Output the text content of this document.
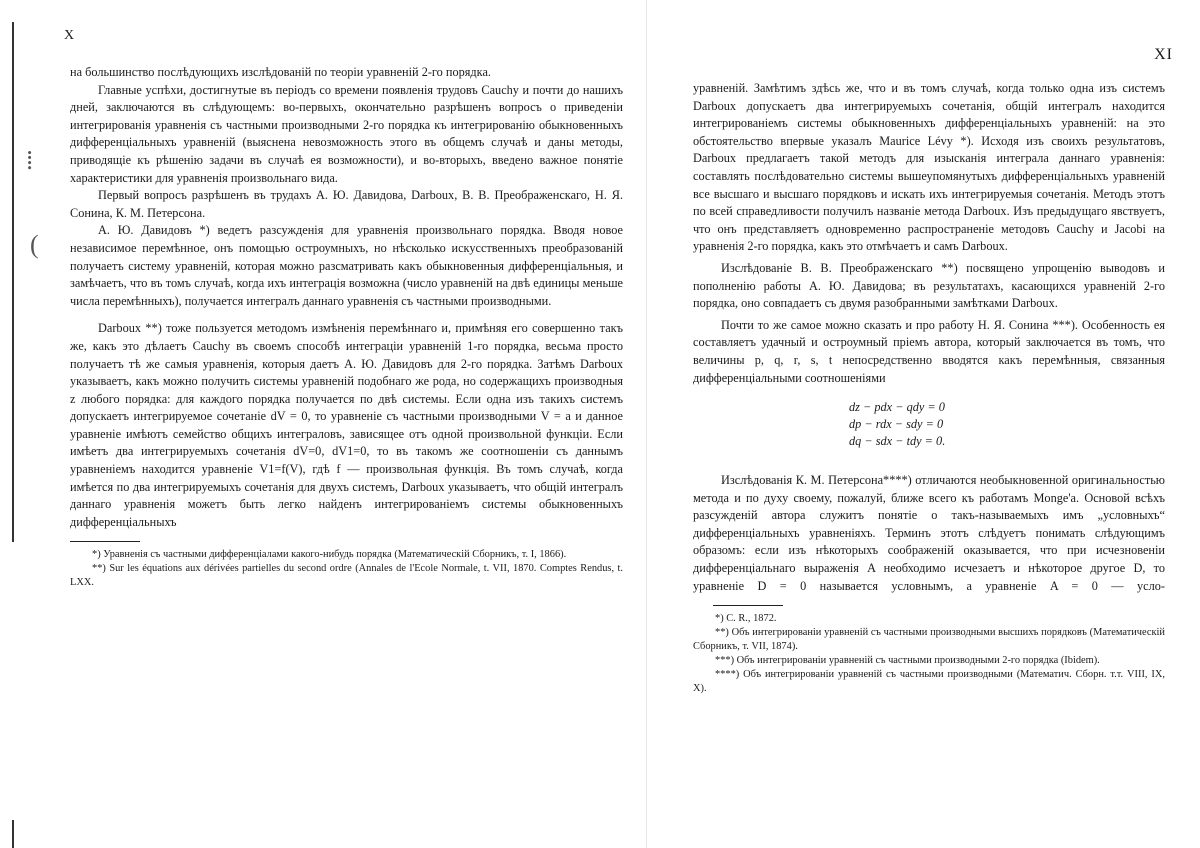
⁞
(
X

на большинство послѣдующихъ изслѣдованій по теоріи уравненій 2-го порядка.

Главные успѣхи, достигнутые въ періодъ со времени появленія трудовъ Cauchy и почти до нашихъ дней, заключаются въ слѣдующемъ: во-первыхъ, окончательно разрѣшенъ вопросъ о приведеніи интегрированія уравненія съ частными производными 2-го порядка къ интегрированію обыкновенныхъ дифференціальныхъ уравненій (выяснена невозможность этого въ общемъ случаѣ и даны методы, приводящіе къ рѣшенію задачи въ случаѣ ея возможности), и во-вторыхъ, введено важное понятіе характеристики для уравненія произвольнаго вида.

Первый вопросъ разрѣшенъ въ трудахъ А. Ю. Давидова, Darboux, В. В. Преображенскаго, Н. Я. Сонина, К. М. Петерсона.

А. Ю. Давидовъ *) ведетъ разсужденія для уравненія произвольнаго порядка. Вводя новое независимое перемѣнное, онъ помощью остроумныхъ, но нѣсколько искусственныхъ преобразованій получаетъ систему уравненій, которая можно разсматривать какъ обыкновенныя дифференціальныя, и замѣчаетъ, что въ томъ случаѣ, когда ихъ интеграція возможна (число уравненій на двѣ единицы меньше числа перемѣнныхъ), получается интегралъ даннаго уравненія съ частными производными.

Darboux **) тоже пользуется методомъ измѣненія перемѣннаго и, примѣняя его совершенно такъ же, какъ это дѣлаетъ Cauchy въ своемъ способѣ интеграціи уравненій 1-го порядка, весьма просто получаетъ тѣ же самыя уравненія, которыя даетъ А. Ю. Давидовъ для 2-го порядка. Затѣмъ Darboux указываетъ, какъ можно получить системы уравненій подобнаго же рода, но содержащихъ производныя z любого порядка: для каждого порядка получается по двѣ системы. Если одна изъ такихъ системъ допускаетъ интегрируемое сочетаніе dV = 0, то уравненіе съ частными производными V = a и данное уравненіе имѣютъ семейство общихъ интеграловъ, зависящее отъ одной произвольной функціи. Если имѣетъ два интегрируемыхъ сочетанія dV=0, dV1=0, то въ такомъ же соотношеніи съ даннымъ уравненіемъ находится уравненіе V1=f(V), гдѣ f — произвольная функція. Въ томъ случаѣ, когда имѣется по два интегрируемыхъ сочетанія для двухъ системъ, Darboux указываетъ, что общій интегралъ даннаго уравненія можетъ быть легко найденъ интегрированіемъ системы обыкновенныхъ дифференціальныхъ

*) Уравненія съ частными дифференціалами какого-нибудь порядка (Математическій Сборникъ, т. I, 1866).

**) Sur les équations aux dérivées partielles du second ordre (Annales de l'Ecole Normale, t. VII, 1870. Comptes Rendus, t. LXX.

XI

уравненій. Замѣтимъ здѣсь же, что и въ томъ случаѣ, когда только одна изъ системъ Darboux допускаетъ два интегрируемыхъ сочетанія, общій интегралъ находится интегрированіемъ системы обыкновенныхъ дифференціальныхъ уравненій: на это обстоятельство впервые указалъ Maurice Lévy *). Исходя изъ своихъ результатовъ, Darboux предлагаетъ такой методъ для изысканія интеграла даннаго уравненія: составлять послѣдовательно системы вышеупомянутыхъ дифференціальныхъ уравненій все высшаго и высшаго порядковъ и искать ихъ интегрируемыя сочетанія. Методъ этотъ по всей справедливости получилъ названіе метода Darboux. Изъ предыдущаго явствуетъ, что онъ представляетъ одновременно распространеніе методовъ Cauchy и Jacobi на уравненія 2-го порядка, какъ это отмѣчаетъ и самъ Darboux.

Изслѣдованіе В. В. Преображенскаго **) посвящено упрощенію выводовъ и пополненію работы А. Ю. Давидова; въ результатахъ, касающихся уравненій 2-го порядка, оно совпадаетъ съ двумя разобранными замѣтками Darboux.

Почти то же самое можно сказать и про работу Н. Я. Сонина ***). Особенность ея составляетъ удачный и остроумный пріемъ автора, который заключается въ томъ, что величины p, q, r, s, t непосредственно вводятся какъ перемѣнныя, связанныя дифференціальными соотношеніями

dz − pdx − qdy = 0
dp − rdx − sdy = 0
dq − sdx − tdy = 0.

Изслѣдованія К. М. Петерсона****) отличаются необыкновенной оригинальностью метода и по духу своему, пожалуй, ближе всего къ работамъ Monge'а. Основой всѣхъ разсужденій автора служитъ понятіе о такъ-называемыхъ имъ „условныхъ“ дифференціальныхъ уравненіяхъ. Терминъ этотъ слѣдуетъ понимать слѣдующимъ образомъ: если изъ нѣкоторыхъ соображеній оказывается, что при исчезновеніи дифференціальнаго выраженія A необходимо исчезаетъ и нѣкоторое другое D, то уравненіе D = 0 называется условнымъ, а уравненіе A = 0 — усло-

*) C. R., 1872.

**) Объ интегрированіи уравненій съ частными производными высшихъ порядковъ (Математическій Сборникъ, т. VII, 1874).

***) Объ интегрированіи уравненій съ частными производными 2-го порядка (Ibidem).

****) Объ интегрированіи уравненій съ частными производными (Математич. Сборн. т.т. VIII, IX, X).
